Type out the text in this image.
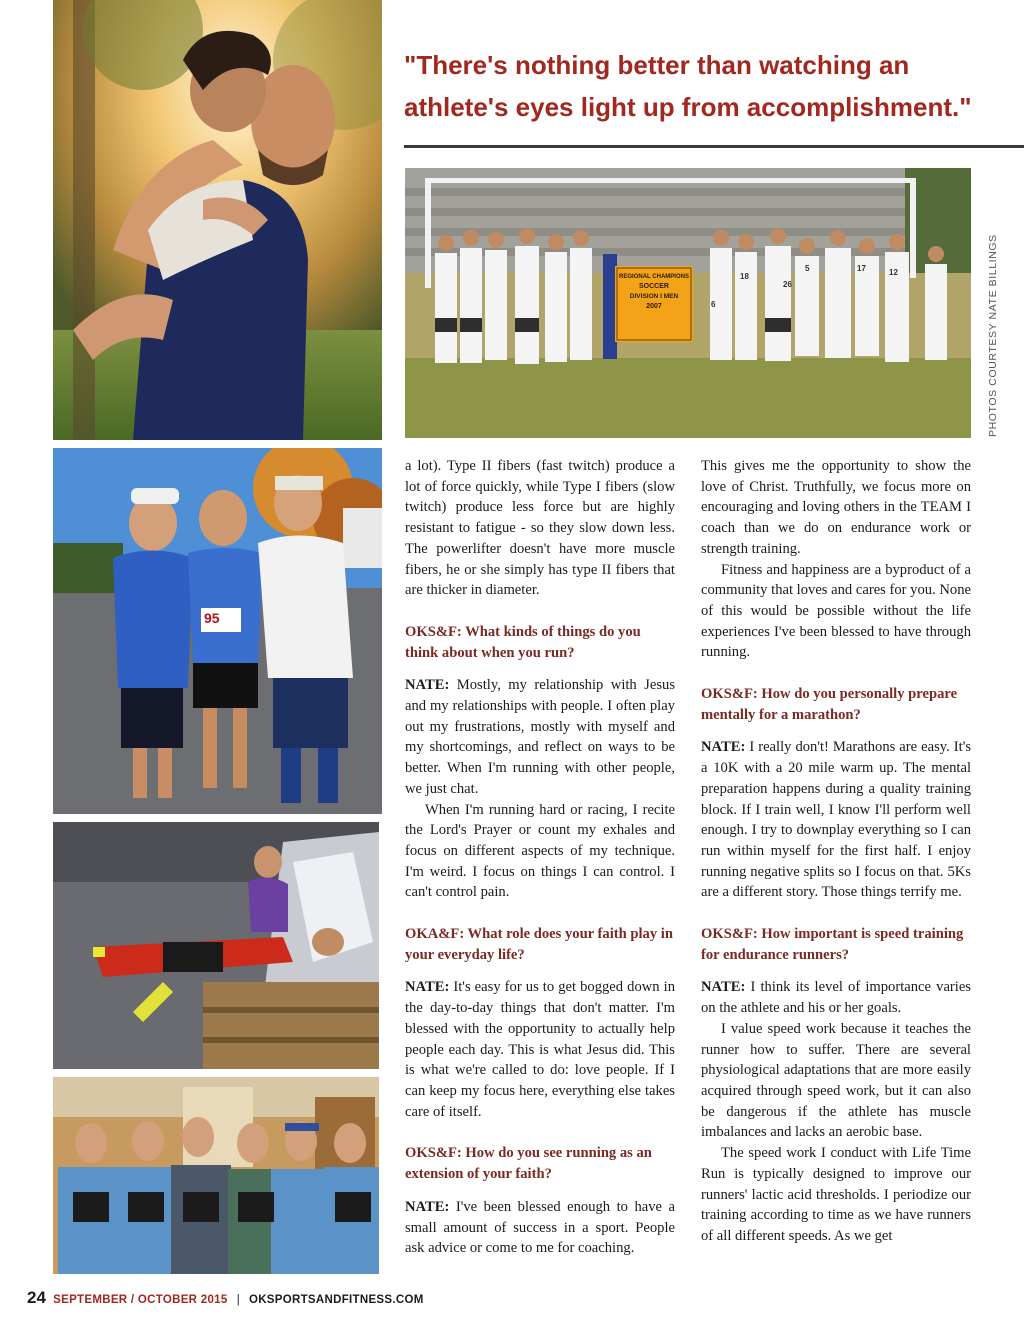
95

"There's nothing better than watching an athlete's eyes light up from accomplishment."

REGIONAL CHAMPIONS
SOCCER
DIVISION I MEN
2007
18
26
5	17	12
6	PHOTOS COURTESY NATE BILLINGS

a lot). Type II fibers (fast twitch) produce a lot of force quickly, while Type I fibers (slow twitch) produce less force but are highly resistant to fatigue - so they slow down less. The powerlifter doesn't have more muscle fibers, he or she simply has type II fibers that are thicker in diameter.

OKS&F: What kinds of things do you think about when you run?

NATE: Mostly, my relationship with Jesus and my relationships with people. I often play out my frustrations, mostly with myself and my shortcomings, and reflect on ways to be better. When I'm running with other people, we just chat.

When I'm running hard or racing, I recite the Lord's Prayer or count my exhales and focus on different aspects of my technique. I'm weird. I focus on things I can control. I can't control pain.

OKA&F: What role does your faith play in your everyday life?

NATE: It's easy for us to get bogged down in the day-to-day things that don't matter. I'm blessed with the opportunity to actually help people each day. This is what Jesus did. This is what we're called to do: love people. If I can keep my focus here, everything else takes care of itself.

OKS&F: How do you see running as an extension of your faith?

NATE: I've been blessed enough to have a small amount of success in a sport. People ask advice or come to me for coaching.

This gives me the opportunity to show the love of Christ. Truthfully, we focus more on encouraging and loving others in the TEAM I coach than we do on endurance work or strength training.

Fitness and happiness are a byproduct of a community that loves and cares for you. None of this would be possible without the life experiences I've been blessed to have through running.

OKS&F: How do you personally prepare mentally for a marathon?

NATE: I really don't! Marathons are easy. It's a 10K with a 20 mile warm up. The mental preparation happens during a quality training block. If I train well, I know I'll perform well enough. I try to downplay everything so I can run within myself for the first half. I enjoy running negative splits so I focus on that. 5Ks are a different story. Those things terrify me.

OKS&F: How important is speed training for endurance runners?

NATE: I think its level of importance varies on the athlete and his or her goals.

I value speed work because it teaches the runner how to suffer. There are several physiological adaptations that are more easily acquired through speed work, but it can also be dangerous if the athlete has muscle imbalances and lacks an aerobic base.

The speed work I conduct with Life Time Run is typically designed to improve our runners' lactic acid thresholds. I periodize our training according to time as we have runners of all different speeds. As we get

24 SEPTEMBER / OCTOBER 2015 | OKSPORTSANDFITNESS.COM
